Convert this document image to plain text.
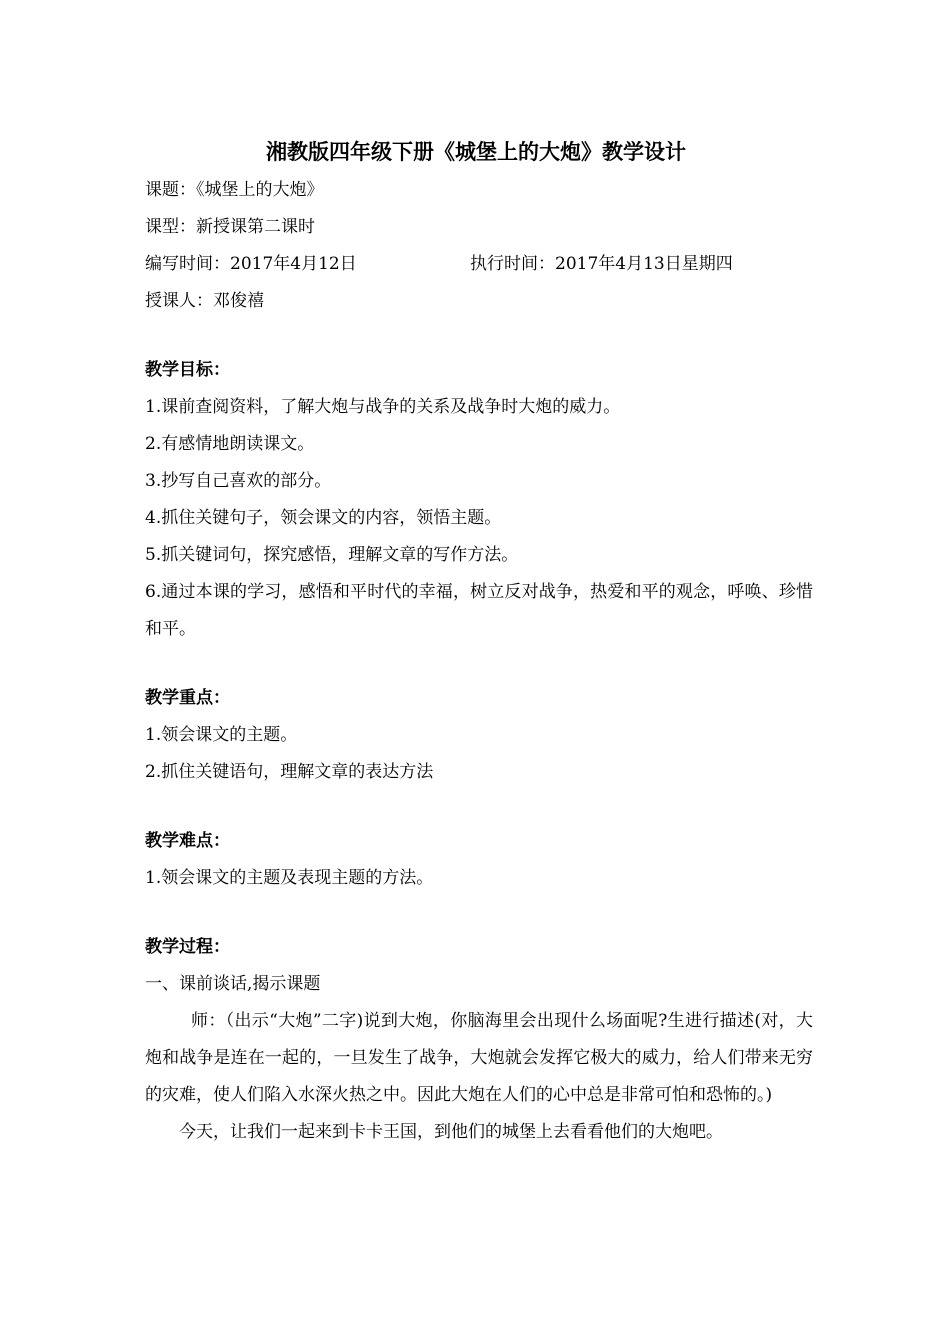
湘教版四年级下册《城堡上的大炮》教学设计

课题：《城堡上的大炮》

课型：新授课第二课时

编写时间：2017年4月12日	执行时间：2017年4月13日星期四

授课人：邓俊禧

教学目标：

1.课前查阅资料，了解大炮与战争的关系及战争时大炮的威力。

2.有感情地朗读课文。

3.抄写自己喜欢的部分。

4.抓住关键句子，领会课文的内容，领悟主题。

5.抓关键词句，探究感悟，理解文章的写作方法。

6.通过本课的学习，感悟和平时代的幸福，树立反对战争，热爱和平的观念，呼唤、珍惜和平。

教学重点：

1.领会课文的主题。

2.抓住关键语句，理解文章的表达方法

教学难点：

1.领会课文的主题及表现主题的方法。

教学过程：

一、课前谈话,揭示课题

师：（出示“大炮”二字)说到大炮，你脑海里会出现什么场面呢?生进行描述(对，大炮和战争是连在一起的，一旦发生了战争，大炮就会发挥它极大的威力，给人们带来无穷的灾难，使人们陷入水深火热之中。因此大炮在人们的心中总是非常可怕和恐怖的。)

今天，让我们一起来到卡卡王国，到他们的城堡上去看看他们的大炮吧。
